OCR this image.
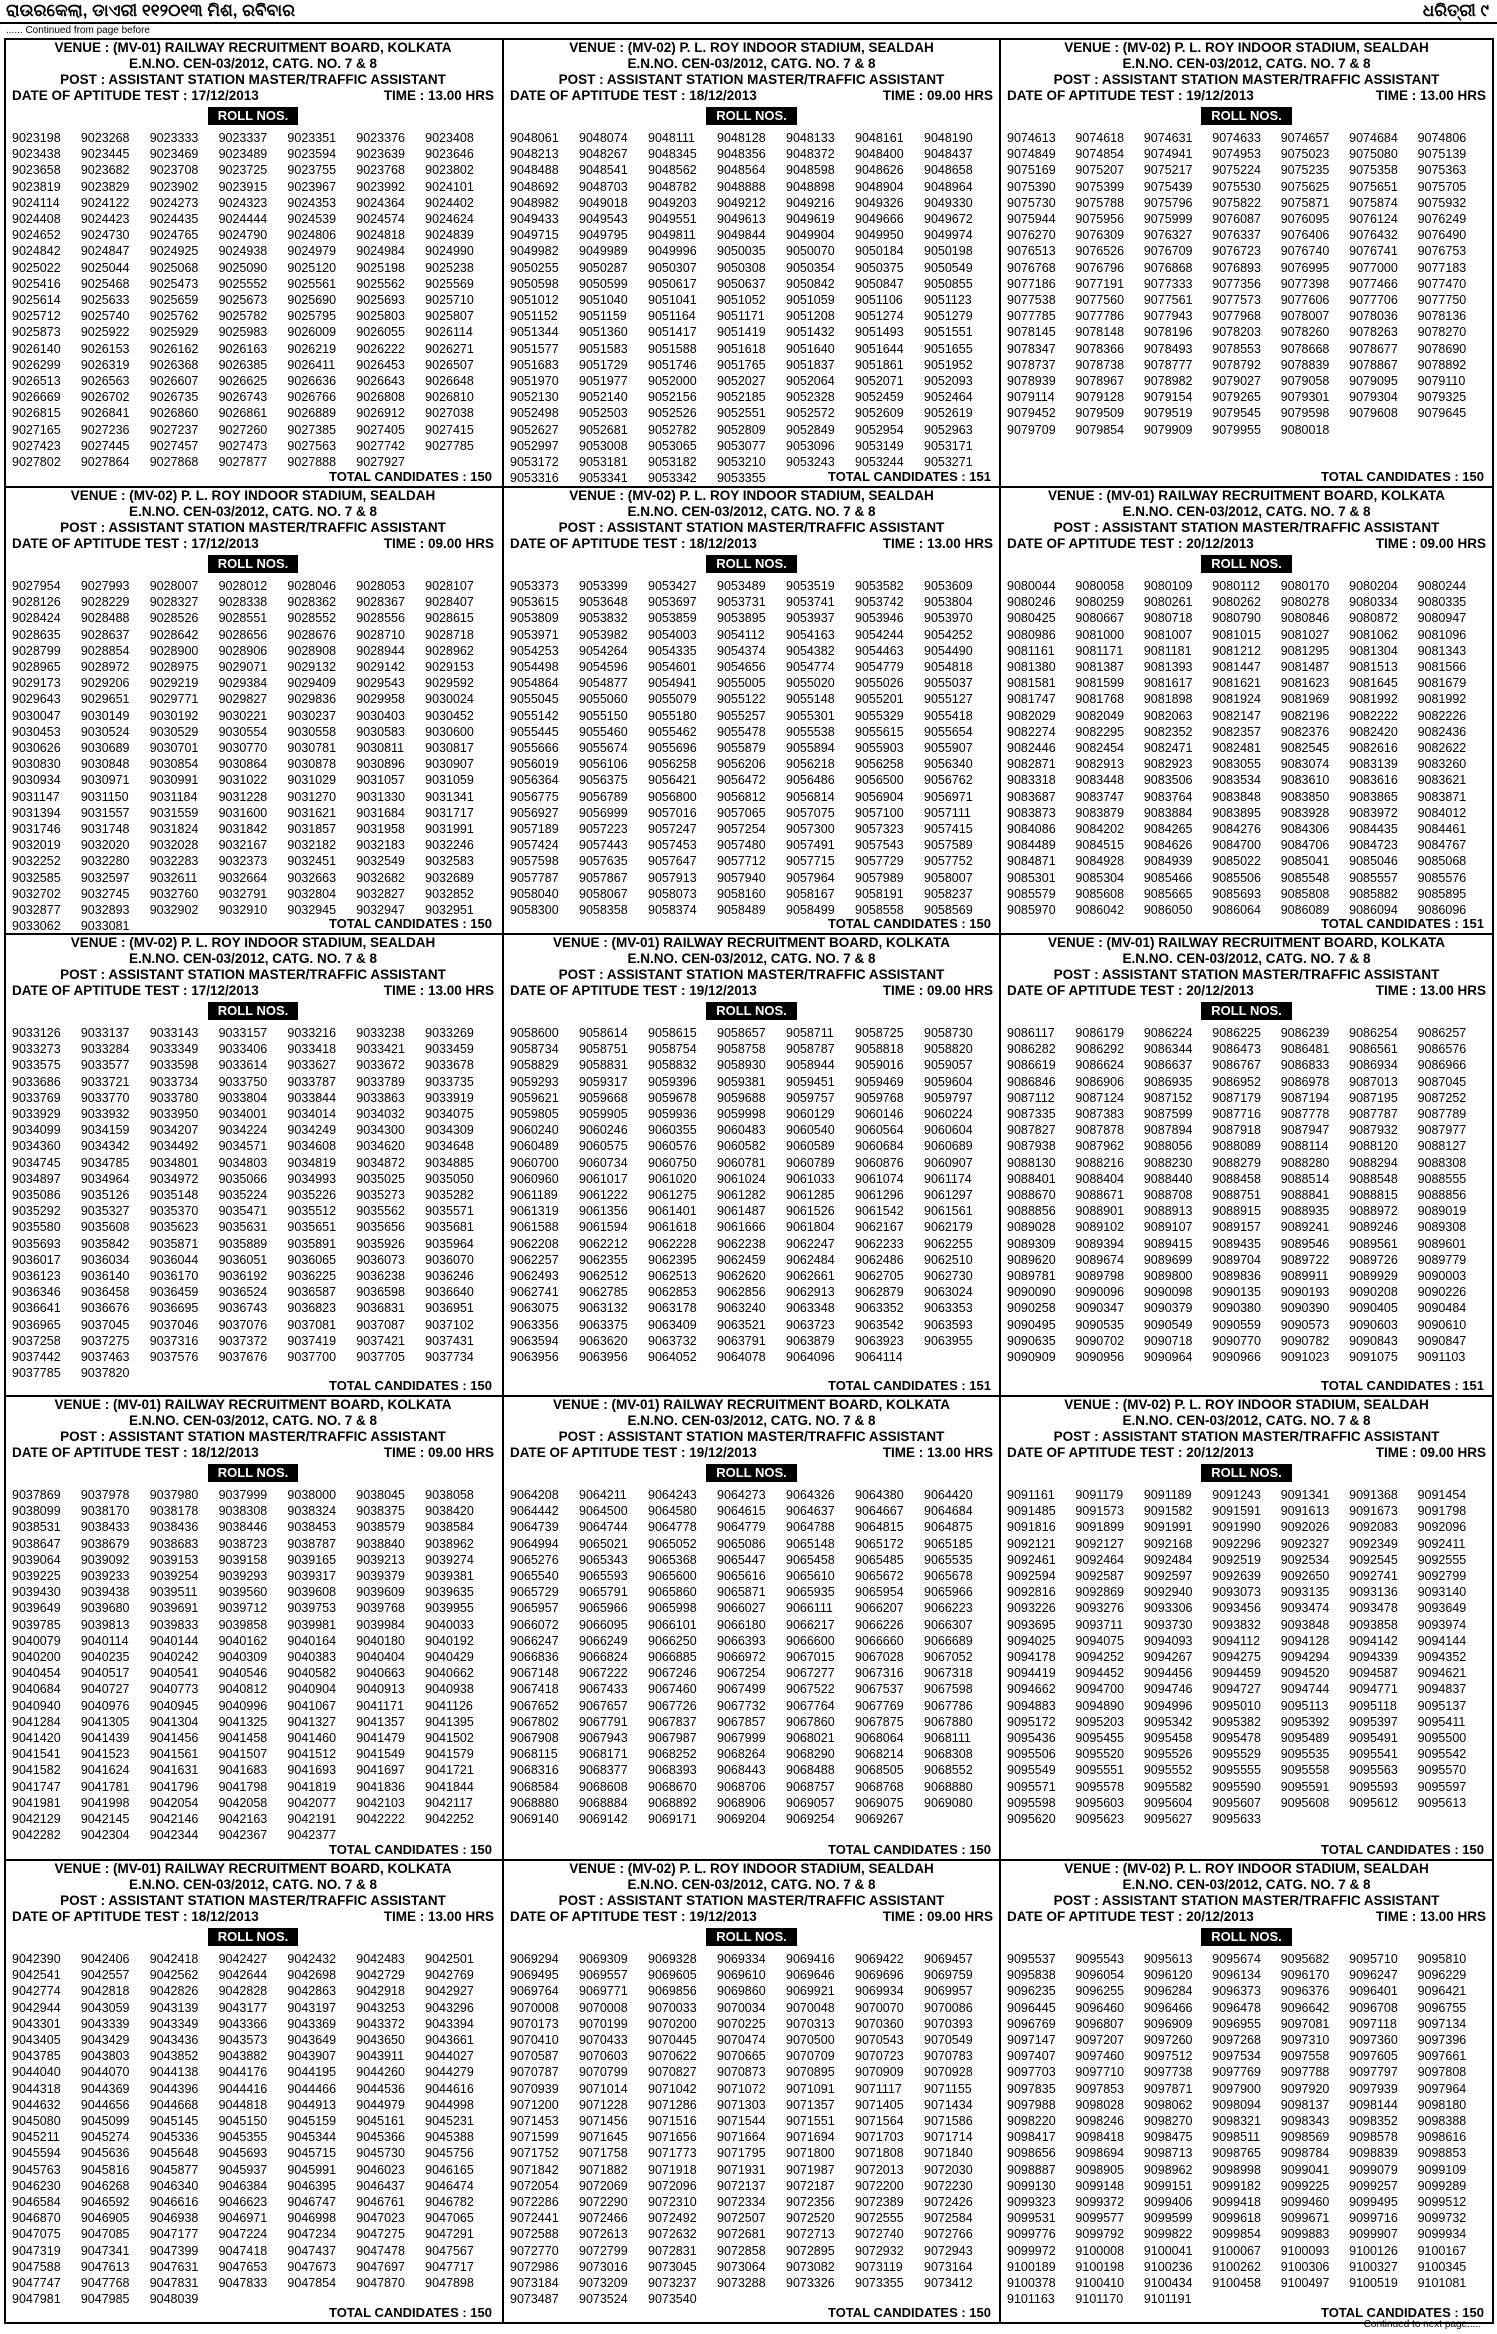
ରାଉରକେଲା, ଡାଏରୀ ୧୧୨୦୧୩ ମିଶ, ରବିବାର	ଧରିତ୍ରୀ ୯
...... Continued from page before
VENUE : (MV-01) RAILWAY RECRUITMENT BOARD, KOLKATA
E.N.NO. CEN-03/2012, CATG. NO. 7 & 8
POST : ASSISTANT STATION MASTER/TRAFFIC ASSISTANT
DATE OF APTITUDE TEST : 17/12/2013	TIME : 13.00 HRS
ROLL NOS.
9023198	9023268	9023333	9023337	9023351	9023376	9023408
9023438	9023445	9023469	9023489	9023594	9023639	9023646
9023658	9023682	9023708	9023725	9023755	9023768	9023802
9023819	9023829	9023902	9023915	9023967	9023992	9024101
9024114	9024122	9024273	9024323	9024353	9024364	9024402
9024408	9024423	9024435	9024444	9024539	9024574	9024624
9024652	9024730	9024765	9024790	9024806	9024818	9024839
9024842	9024847	9024925	9024938	9024979	9024984	9024990
9025022	9025044	9025068	9025090	9025120	9025198	9025238
9025416	9025468	9025473	9025552	9025561	9025562	9025569
9025614	9025633	9025659	9025673	9025690	9025693	9025710
9025712	9025740	9025762	9025782	9025795	9025803	9025807
9025873	9025922	9025929	9025983	9026009	9026055	9026114
9026140	9026153	9026162	9026163	9026219	9026222	9026271
9026299	9026319	9026368	9026385	9026411	9026453	9026507
9026513	9026563	9026607	9026625	9026636	9026643	9026648
9026669	9026702	9026735	9026743	9026766	9026808	9026810
9026815	9026841	9026860	9026861	9026889	9026912	9027038
9027165	9027236	9027237	9027260	9027385	9027405	9027415
9027423	9027445	9027457	9027473	9027563	9027742	9027785
9027802	9027864	9027868	9027877	9027888	9027927
TOTAL CANDIDATES : 150
VENUE : (MV-02) P. L. ROY INDOOR STADIUM, SEALDAH
E.N.NO. CEN-03/2012, CATG. NO. 7 & 8
POST : ASSISTANT STATION MASTER/TRAFFIC ASSISTANT
DATE OF APTITUDE TEST : 18/12/2013	TIME : 09.00 HRS
ROLL NOS.
9048061	9048074	9048111	9048128	9048133	9048161	9048190
9048213	9048267	9048345	9048356	9048372	9048400	9048437
9048488	9048541	9048562	9048564	9048598	9048626	9048658
9048692	9048703	9048782	9048888	9048898	9048904	9048964
9048982	9049018	9049203	9049212	9049216	9049326	9049330
9049433	9049543	9049551	9049613	9049619	9049666	9049672
9049715	9049795	9049811	9049844	9049904	9049950	9049974
9049982	9049989	9049996	9050035	9050070	9050184	9050198
9050255	9050287	9050307	9050308	9050354	9050375	9050549
9050598	9050599	9050617	9050637	9050842	9050847	9050855
9051012	9051040	9051041	9051052	9051059	9051106	9051123
9051152	9051159	9051164	9051171	9051208	9051274	9051279
9051344	9051360	9051417	9051419	9051432	9051493	9051551
9051577	9051583	9051588	9051618	9051640	9051644	9051655
9051683	9051729	9051746	9051765	9051837	9051861	9051952
9051970	9051977	9052000	9052027	9052064	9052071	9052093
9052130	9052140	9052156	9052185	9052328	9052459	9052464
9052498	9052503	9052526	9052551	9052572	9052609	9052619
9052627	9052681	9052782	9052809	9052849	9052954	9052963
9052997	9053008	9053065	9053077	9053096	9053149	9053171
9053172	9053181	9053182	9053210	9053243	9053244	9053271
9053316	9053341	9053342	9053355	TOTAL CANDIDATES : 151
VENUE : (MV-02) P. L. ROY INDOOR STADIUM, SEALDAH
E.N.NO. CEN-03/2012, CATG. NO. 7 & 8
POST : ASSISTANT STATION MASTER/TRAFFIC ASSISTANT
DATE OF APTITUDE TEST : 19/12/2013	TIME : 13.00 HRS
ROLL NOS.
9074613	9074618	9074631	9074633	9074657	9074684	9074806
9074849	9074854	9074941	9074953	9075023	9075080	9075139
9075169	9075207	9075217	9075224	9075235	9075358	9075363
9075390	9075399	9075439	9075530	9075625	9075651	9075705
9075730	9075788	9075796	9075822	9075871	9075874	9075932
9075944	9075956	9075999	9076087	9076095	9076124	9076249
9076270	9076309	9076327	9076337	9076406	9076432	9076490
9076513	9076526	9076709	9076723	9076740	9076741	9076753
9076768	9076796	9076868	9076893	9076995	9077000	9077183
9077186	9077191	9077333	9077356	9077398	9077466	9077470
9077538	9077560	9077561	9077573	9077606	9077706	9077750
9077785	9077786	9077943	9077968	9078007	9078036	9078136
9078145	9078148	9078196	9078203	9078260	9078263	9078270
9078347	9078366	9078493	9078553	9078668	9078677	9078690
9078737	9078738	9078777	9078792	9078839	9078867	9078892
9078939	9078967	9078982	9079027	9079058	9079095	9079110
9079114	9079128	9079154	9079265	9079301	9079304	9079325
9079452	9079509	9079519	9079545	9079598	9079608	9079645
9079709	9079854	9079909	9079955	9080018
TOTAL CANDIDATES : 150
VENUE : (MV-02) P. L. ROY INDOOR STADIUM, SEALDAH
E.N.NO. CEN-03/2012, CATG. NO. 7 & 8
POST : ASSISTANT STATION MASTER/TRAFFIC ASSISTANT
DATE OF APTITUDE TEST : 17/12/2013	TIME : 09.00 HRS
ROLL NOS.
9027954	9027993	9028007	9028012	9028046	9028053	9028107
9028126	9028229	9028327	9028338	9028362	9028367	9028407
9028424	9028488	9028526	9028551	9028552	9028556	9028615
9028635	9028637	9028642	9028656	9028676	9028710	9028718
9028799	9028854	9028900	9028906	9028908	9028944	9028962
9028965	9028972	9028975	9029071	9029132	9029142	9029153
9029173	9029206	9029219	9029384	9029409	9029543	9029592
9029643	9029651	9029771	9029827	9029836	9029958	9030024
9030047	9030149	9030192	9030221	9030237	9030403	9030452
9030453	9030524	9030529	9030554	9030558	9030583	9030600
9030626	9030689	9030701	9030770	9030781	9030811	9030817
9030830	9030848	9030854	9030864	9030878	9030896	9030907
9030934	9030971	9030991	9031022	9031029	9031057	9031059
9031147	9031150	9031184	9031228	9031270	9031330	9031341
9031394	9031557	9031559	9031600	9031621	9031684	9031717
9031746	9031748	9031824	9031842	9031857	9031958	9031991
9032019	9032020	9032028	9032167	9032182	9032183	9032246
9032252	9032280	9032283	9032373	9032451	9032549	9032583
9032585	9032597	9032611	9032664	9032663	9032682	9032689
9032702	9032745	9032760	9032791	9032804	9032827	9032852
9032877	9032893	9032902	9032910	9032945	9032947	9032951
9033062	9033081	TOTAL CANDIDATES : 150
VENUE : (MV-02) P. L. ROY INDOOR STADIUM, SEALDAH
E.N.NO. CEN-03/2012, CATG. NO. 7 & 8
POST : ASSISTANT STATION MASTER/TRAFFIC ASSISTANT
DATE OF APTITUDE TEST : 18/12/2013	TIME : 13.00 HRS
ROLL NOS.
9053373	9053399	9053427	9053489	9053519	9053582	9053609
9053615	9053648	9053697	9053731	9053741	9053742	9053804
9053809	9053832	9053859	9053895	9053937	9053946	9053970
9053971	9053982	9054003	9054112	9054163	9054244	9054252
9054253	9054264	9054335	9054374	9054382	9054463	9054490
9054498	9054596	9054601	9054656	9054774	9054779	9054818
9054864	9054877	9054941	9055005	9055020	9055026	9055037
9055045	9055060	9055079	9055122	9055148	9055201	9055127
9055142	9055150	9055180	9055257	9055301	9055329	9055418
9055445	9055460	9055462	9055478	9055538	9055615	9055654
9055666	9055674	9055696	9055879	9055894	9055903	9055907
9056019	9056106	9056258	9056206	9056218	9056258	9056340
9056364	9056375	9056421	9056472	9056486	9056500	9056762
9056775	9056789	9056800	9056812	9056814	9056904	9056971
9056927	9056999	9057016	9057065	9057075	9057100	9057111
9057189	9057223	9057247	9057254	9057300	9057323	9057415
9057424	9057443	9057453	9057480	9057491	9057543	9057589
9057598	9057635	9057647	9057712	9057715	9057729	9057752
9057787	9057867	9057913	9057940	9057964	9057989	9058007
9058040	9058067	9058073	9058160	9058167	9058191	9058237
9058300	9058358	9058374	9058489	9058499	9058558	9058569
TOTAL CANDIDATES : 150
VENUE : (MV-01) RAILWAY RECRUITMENT BOARD, KOLKATA
E.N.NO. CEN-03/2012, CATG. NO. 7 & 8
POST : ASSISTANT STATION MASTER/TRAFFIC ASSISTANT
DATE OF APTITUDE TEST : 20/12/2013	TIME : 09.00 HRS
ROLL NOS.
9080044	9080058	9080109	9080112	9080170	9080204	9080244
9080246	9080259	9080261	9080262	9080278	9080334	9080335
9080425	9080667	9080718	9080790	9080846	9080872	9080947
9080986	9081000	9081007	9081015	9081027	9081062	9081096
9081161	9081171	9081181	9081212	9081295	9081304	9081343
9081380	9081387	9081393	9081447	9081487	9081513	9081566
9081581	9081599	9081617	9081621	9081623	9081645	9081679
9081747	9081768	9081898	9081924	9081969	9081992	9081992
9082029	9082049	9082063	9082147	9082196	9082222	9082226
9082274	9082295	9082352	9082357	9082376	9082420	9082436
9082446	9082454	9082471	9082481	9082545	9082616	9082622
9082871	9082913	9082923	9083055	9083074	9083139	9083260
9083318	9083448	9083506	9083534	9083610	9083616	9083621
9083687	9083747	9083764	9083848	9083850	9083865	9083871
9083873	9083879	9083884	9083895	9083928	9083972	9084012
9084086	9084202	9084265	9084276	9084306	9084435	9084461
9084489	9084515	9084626	9084700	9084706	9084723	9084767
9084871	9084928	9084939	9085022	9085041	9085046	9085068
9085301	9085304	9085466	9085506	9085548	9085557	9085576
9085579	9085608	9085665	9085693	9085808	9085882	9085895
9085970	9086042	9086050	9086064	9086089	9086094	9086096
TOTAL CANDIDATES : 151
VENUE : (MV-02) P. L. ROY INDOOR STADIUM, SEALDAH
E.N.NO. CEN-03/2012, CATG. NO. 7 & 8
POST : ASSISTANT STATION MASTER/TRAFFIC ASSISTANT
DATE OF APTITUDE TEST : 17/12/2013	TIME : 13.00 HRS
ROLL NOS.
9033126	9033137	9033143	9033157	9033216	9033238	9033269
9033273	9033284	9033349	9033406	9033418	9033421	9033459
9033575	9033577	9033598	9033614	9033627	9033672	9033678
9033686	9033721	9033734	9033750	9033787	9033789	9033735
9033769	9033770	9033780	9033804	9033844	9033863	9033919
9033929	9033932	9033950	9034001	9034014	9034032	9034075
9034099	9034159	9034207	9034224	9034249	9034300	9034309
9034360	9034342	9034492	9034571	9034608	9034620	9034648
9034745	9034785	9034801	9034803	9034819	9034872	9034885
9034897	9034964	9034972	9035066	9034993	9035025	9035050
9035086	9035126	9035148	9035224	9035226	9035273	9035282
9035292	9035327	9035370	9035471	9035512	9035562	9035571
9035580	9035608	9035623	9035631	9035651	9035656	9035681
9035693	9035842	9035871	9035889	9035891	9035926	9035964
9036017	9036034	9036044	9036051	9036065	9036073	9036070
9036123	9036140	9036170	9036192	9036225	9036238	9036246
9036346	9036458	9036459	9036524	9036587	9036598	9036640
9036641	9036676	9036695	9036743	9036823	9036831	9036951
9036965	9037045	9037046	9037076	9037081	9037087	9037102
9037258	9037275	9037316	9037372	9037419	9037421	9037431
9037442	9037463	9037576	9037676	9037700	9037705	9037734
9037785	9037820
TOTAL CANDIDATES : 150
VENUE : (MV-01) RAILWAY RECRUITMENT BOARD, KOLKATA
E.N.NO. CEN-03/2012, CATG. NO. 7 & 8
POST : ASSISTANT STATION MASTER/TRAFFIC ASSISTANT
DATE OF APTITUDE TEST : 19/12/2013	TIME : 09.00 HRS
ROLL NOS.
9058600	9058614	9058615	9058657	9058711	9058725	9058730
9058734	9058751	9058754	9058758	9058787	9058818	9058820
9058829	9058831	9058832	9058930	9058944	9059016	9059057
9059293	9059317	9059396	9059381	9059451	9059469	9059604
9059621	9059668	9059678	9059688	9059757	9059768	9059797
9059805	9059905	9059936	9059998	9060129	9060146	9060224
9060240	9060246	9060355	9060483	9060540	9060564	9060604
9060489	9060575	9060576	9060582	9060589	9060684	9060689
9060700	9060734	9060750	9060781	9060789	9060876	9060907
9060960	9061017	9061020	9061024	9061033	9061074	9061174
9061189	9061222	9061275	9061282	9061285	9061296	9061297
9061319	9061356	9061401	9061487	9061526	9061542	9061561
9061588	9061594	9061618	9061666	9061804	9062167	9062179
9062208	9062212	9062228	9062238	9062247	9062233	9062255
9062257	9062355	9062395	9062459	9062484	9062486	9062510
9062493	9062512	9062513	9062620	9062661	9062705	9062730
9062741	9062785	9062853	9062856	9062913	9062879	9063024
9063075	9063132	9063178	9063240	9063348	9063352	9063353
9063356	9063375	9063409	9063521	9063723	9063542	9063593
9063594	9063620	9063732	9063791	9063879	9063923	9063955
9063956	9063956	9064052	9064078	9064096	9064114
TOTAL CANDIDATES : 151
VENUE : (MV-01) RAILWAY RECRUITMENT BOARD, KOLKATA
E.N.NO. CEN-03/2012, CATG. NO. 7 & 8
POST : ASSISTANT STATION MASTER/TRAFFIC ASSISTANT
DATE OF APTITUDE TEST : 20/12/2013	TIME : 13.00 HRS
ROLL NOS.
9086117	9086179	9086224	9086225	9086239	9086254	9086257
9086282	9086292	9086344	9086473	9086481	9086561	9086576
9086619	9086624	9086637	9086767	9086833	9086934	9086966
9086846	9086906	9086935	9086952	9086978	9087013	9087045
9087112	9087124	9087152	9087179	9087194	9087195	9087252
9087335	9087383	9087599	9087716	9087778	9087787	9087789
9087827	9087878	9087894	9087918	9087947	9087932	9087977
9087938	9087962	9088056	9088089	9088114	9088120	9088127
9088130	9088216	9088230	9088279	9088280	9088294	9088308
9088401	9088404	9088440	9088458	9088514	9088548	9088555
9088670	9088671	9088708	9088751	9088841	9088815	9088856
9088856	9088901	9088913	9088915	9088935	9088972	9089019
9089028	9089102	9089107	9089157	9089241	9089246	9089308
9089309	9089394	9089415	9089435	9089546	9089561	9089601
9089620	9089674	9089699	9089704	9089722	9089726	9089779
9089781	9089798	9089800	9089836	9089911	9089929	9090003
9090090	9090096	9090098	9090135	9090193	9090208	9090226
9090258	9090347	9090379	9090380	9090390	9090405	9090484
9090495	9090535	9090549	9090559	9090573	9090603	9090610
9090635	9090702	9090718	9090770	9090782	9090843	9090847
9090909	9090956	9090964	9090966	9091023	9091075	9091103
TOTAL CANDIDATES : 151
VENUE : (MV-01) RAILWAY RECRUITMENT BOARD, KOLKATA
E.N.NO. CEN-03/2012, CATG. NO. 7 & 8
POST : ASSISTANT STATION MASTER/TRAFFIC ASSISTANT
DATE OF APTITUDE TEST : 18/12/2013	TIME : 09.00 HRS
ROLL NOS.
9037869	9037978	9037980	9037999	9038000	9038045	9038058
9038099	9038170	9038178	9038308	9038324	9038375	9038420
9038531	9038433	9038436	9038446	9038453	9038579	9038584
9038647	9038679	9038683	9038723	9038787	9038840	9038962
9039064	9039092	9039153	9039158	9039165	9039213	9039274
9039225	9039233	9039254	9039293	9039317	9039379	9039381
9039430	9039438	9039511	9039560	9039608	9039609	9039635
9039649	9039680	9039691	9039712	9039753	9039768	9039955
9039785	9039813	9039833	9039858	9039981	9039984	9040033
9040079	9040114	9040144	9040162	9040164	9040180	9040192
9040200	9040235	9040242	9040309	9040383	9040404	9040429
9040454	9040517	9040541	9040546	9040582	9040663	9040662
9040684	9040727	9040773	9040812	9040904	9040913	9040938
9040940	9040976	9040945	9040996	9041067	9041171	9041126
9041284	9041305	9041304	9041325	9041327	9041357	9041395
9041420	9041439	9041456	9041458	9041460	9041479	9041502
9041541	9041523	9041561	9041507	9041512	9041549	9041579
9041582	9041624	9041631	9041683	9041693	9041697	9041721
9041747	9041781	9041796	9041798	9041819	9041836	9041844
9041981	9041998	9042054	9042058	9042077	9042103	9042117
9042129	9042145	9042146	9042163	9042191	9042222	9042252
9042282	9042304	9042344	9042367	9042377
TOTAL CANDIDATES : 150
VENUE : (MV-01) RAILWAY RECRUITMENT BOARD, KOLKATA
E.N.NO. CEN-03/2012, CATG. NO. 7 & 8
POST : ASSISTANT STATION MASTER/TRAFFIC ASSISTANT
DATE OF APTITUDE TEST : 19/12/2013	TIME : 13.00 HRS
ROLL NOS.
9064208	9064211	9064243	9064273	9064326	9064380	9064420
9064442	9064500	9064580	9064615	9064637	9064667	9064684
9064739	9064744	9064778	9064779	9064788	9064815	9064875
9064994	9065021	9065052	9065086	9065148	9065172	9065185
9065276	9065343	9065368	9065447	9065458	9065485	9065535
9065540	9065593	9065600	9065616	9065610	9065672	9065678
9065729	9065791	9065860	9065871	9065935	9065954	9065966
9065957	9065966	9065998	9066027	9066111	9066207	9066223
9066072	9066095	9066101	9066180	9066217	9066226	9066307
9066247	9066249	9066250	9066393	9066600	9066660	9066689
9066836	9066824	9066885	9066972	9067015	9067028	9067052
9067148	9067222	9067246	9067254	9067277	9067316	9067318
9067418	9067433	9067460	9067499	9067522	9067537	9067598
9067652	9067657	9067726	9067732	9067764	9067769	9067786
9067802	9067791	9067837	9067857	9067860	9067875	9067880
9067908	9067943	9067987	9067999	9068021	9068064	9068111
9068115	9068171	9068252	9068264	9068290	9068214	9068308
9068316	9068377	9068393	9068443	9068488	9068505	9068552
9068584	9068608	9068670	9068706	9068757	9068768	9068880
9068880	9068884	9068892	9068906	9069057	9069075	9069080
9069140	9069142	9069171	9069204	9069254	9069267
TOTAL CANDIDATES : 150
VENUE : (MV-02) P. L. ROY INDOOR STADIUM, SEALDAH
E.N.NO. CEN-03/2012, CATG. NO. 7 & 8
POST : ASSISTANT STATION MASTER/TRAFFIC ASSISTANT
DATE OF APTITUDE TEST : 20/12/2013	TIME : 09.00 HRS
ROLL NOS.
9091161	9091179	9091189	9091243	9091341	9091368	9091454
9091485	9091573	9091582	9091591	9091613	9091673	9091798
9091816	9091899	9091991	9091990	9092026	9092083	9092096
9092121	9092127	9092168	9092296	9092327	9092349	9092411
9092461	9092464	9092484	9092519	9092534	9092545	9092555
9092594	9092587	9092597	9092639	9092650	9092741	9092799
9092816	9092869	9092940	9093073	9093135	9093136	9093140
9093226	9093276	9093306	9093456	9093474	9093478	9093649
9093695	9093711	9093730	9093832	9093848	9093858	9093974
9094025	9094075	9094093	9094112	9094128	9094142	9094144
9094178	9094252	9094267	9094275	9094294	9094339	9094352
9094419	9094452	9094456	9094459	9094520	9094587	9094621
9094662	9094700	9094746	9094727	9094744	9094771	9094837
9094883	9094890	9094996	9095010	9095113	9095118	9095137
9095172	9095203	9095342	9095382	9095392	9095397	9095411
9095436	9095455	9095458	9095478	9095489	9095491	9095500
9095506	9095520	9095526	9095529	9095535	9095541	9095542
9095549	9095551	9095552	9095555	9095558	9095563	9095570
9095571	9095578	9095582	9095590	9095591	9095593	9095597
9095598	9095603	9095604	9095607	9095608	9095612	9095613
9095620	9095623	9095627	9095633
TOTAL CANDIDATES : 150
VENUE : (MV-01) RAILWAY RECRUITMENT BOARD, KOLKATA
E.N.NO. CEN-03/2012, CATG. NO. 7 & 8
POST : ASSISTANT STATION MASTER/TRAFFIC ASSISTANT
DATE OF APTITUDE TEST : 18/12/2013	TIME : 13.00 HRS
ROLL NOS.
9042390	9042406	9042418	9042427	9042432	9042483	9042501
9042541	9042557	9042562	9042644	9042698	9042729	9042769
9042774	9042818	9042826	9042828	9042863	9042918	9042927
9042944	9043059	9043139	9043177	9043197	9043253	9043296
9043301	9043339	9043349	9043366	9043369	9043372	9043394
9043405	9043429	9043436	9043573	9043649	9043650	9043661
9043785	9043803	9043852	9043882	9043907	9043911	9044027
9044040	9044070	9044138	9044176	9044195	9044260	9044279
9044318	9044369	9044396	9044416	9044466	9044536	9044616
9044632	9044656	9044668	9044818	9044913	9044979	9044998
9045080	9045099	9045145	9045150	9045159	9045161	9045231
9045211	9045274	9045336	9045355	9045344	9045366	9045388
9045594	9045636	9045648	9045693	9045715	9045730	9045756
9045763	9045816	9045877	9045937	9045991	9046023	9046165
9046230	9046268	9046340	9046384	9046395	9046437	9046474
9046584	9046592	9046616	9046623	9046747	9046761	9046782
9046870	9046905	9046938	9046971	9046998	9047023	9047065
9047075	9047085	9047177	9047224	9047234	9047275	9047291
9047319	9047341	9047399	9047418	9047437	9047478	9047567
9047588	9047613	9047631	9047653	9047673	9047697	9047717
9047747	9047768	9047831	9047833	9047854	9047870	9047898
9047981	9047985	9048039
TOTAL CANDIDATES : 150
VENUE : (MV-02) P. L. ROY INDOOR STADIUM, SEALDAH
E.N.NO. CEN-03/2012, CATG. NO. 7 & 8
POST : ASSISTANT STATION MASTER/TRAFFIC ASSISTANT
DATE OF APTITUDE TEST : 19/12/2013	TIME : 09.00 HRS
ROLL NOS.
9069294	9069309	9069328	9069334	9069416	9069422	9069457
9069495	9069557	9069605	9069610	9069646	9069696	9069759
9069764	9069771	9069856	9069860	9069921	9069934	9069957
9070008	9070008	9070033	9070034	9070048	9070070	9070086
9070173	9070199	9070200	9070225	9070313	9070360	9070393
9070410	9070433	9070445	9070474	9070500	9070543	9070549
9070587	9070603	9070622	9070665	9070709	9070723	9070783
9070787	9070799	9070827	9070873	9070895	9070909	9070928
9070939	9071014	9071042	9071072	9071091	9071117	9071155
9071200	9071228	9071286	9071303	9071357	9071405	9071434
9071453	9071456	9071516	9071544	9071551	9071564	9071586
9071599	9071645	9071656	9071664	9071694	9071703	9071714
9071752	9071758	9071773	9071795	9071800	9071808	9071840
9071842	9071882	9071918	9071931	9071987	9072013	9072030
9072054	9072069	9072096	9072137	9072187	9072200	9072230
9072286	9072290	9072310	9072334	9072356	9072389	9072426
9072441	9072466	9072492	9072507	9072520	9072555	9072584
9072588	9072613	9072632	9072681	9072713	9072740	9072766
9072770	9072799	9072831	9072858	9072895	9072932	9072943
9072986	9073016	9073045	9073064	9073082	9073119	9073164
9073184	9073209	9073237	9073288	9073326	9073355	9073412
9073487	9073524	9073540
TOTAL CANDIDATES : 150
VENUE : (MV-02) P. L. ROY INDOOR STADIUM, SEALDAH
E.N.NO. CEN-03/2012, CATG. NO. 7 & 8
POST : ASSISTANT STATION MASTER/TRAFFIC ASSISTANT
DATE OF APTITUDE TEST : 20/12/2013	TIME : 13.00 HRS
ROLL NOS.
9095537	9095543	9095613	9095674	9095682	9095710	9095810
9095838	9096054	9096120	9096134	9096170	9096247	9096229
9096235	9096255	9096284	9096373	9096376	9096401	9096421
9096445	9096460	9096466	9096478	9096642	9096708	9096755
9096769	9096807	9096909	9096955	9097081	9097118	9097134
9097147	9097207	9097260	9097268	9097310	9097360	9097396
9097407	9097460	9097512	9097534	9097558	9097605	9097661
9097703	9097710	9097738	9097769	9097788	9097797	9097808
9097835	9097853	9097871	9097900	9097920	9097939	9097964
9097988	9098028	9098062	9098094	9098137	9098144	9098180
9098220	9098246	9098270	9098321	9098343	9098352	9098388
9098417	9098418	9098475	9098511	9098569	9098578	9098616
9098656	9098694	9098713	9098765	9098784	9098839	9098853
9098887	9098905	9098962	9098998	9099041	9099079	9099109
9099130	9099148	9099151	9099182	9099225	9099257	9099289
9099323	9099372	9099406	9099418	9099460	9099495	9099512
9099531	9099577	9099599	9099618	9099671	9099716	9099732
9099776	9099792	9099822	9099854	9099883	9099907	9099934
9099972	9100008	9100041	9100067	9100093	9100126	9100167
9100189	9100198	9100236	9100262	9100306	9100327	9100345
9100378	9100410	9100434	9100458	9100497	9100519	9101081
9101163	9101170	9101191
TOTAL CANDIDATES : 150
Continued to next page.....
